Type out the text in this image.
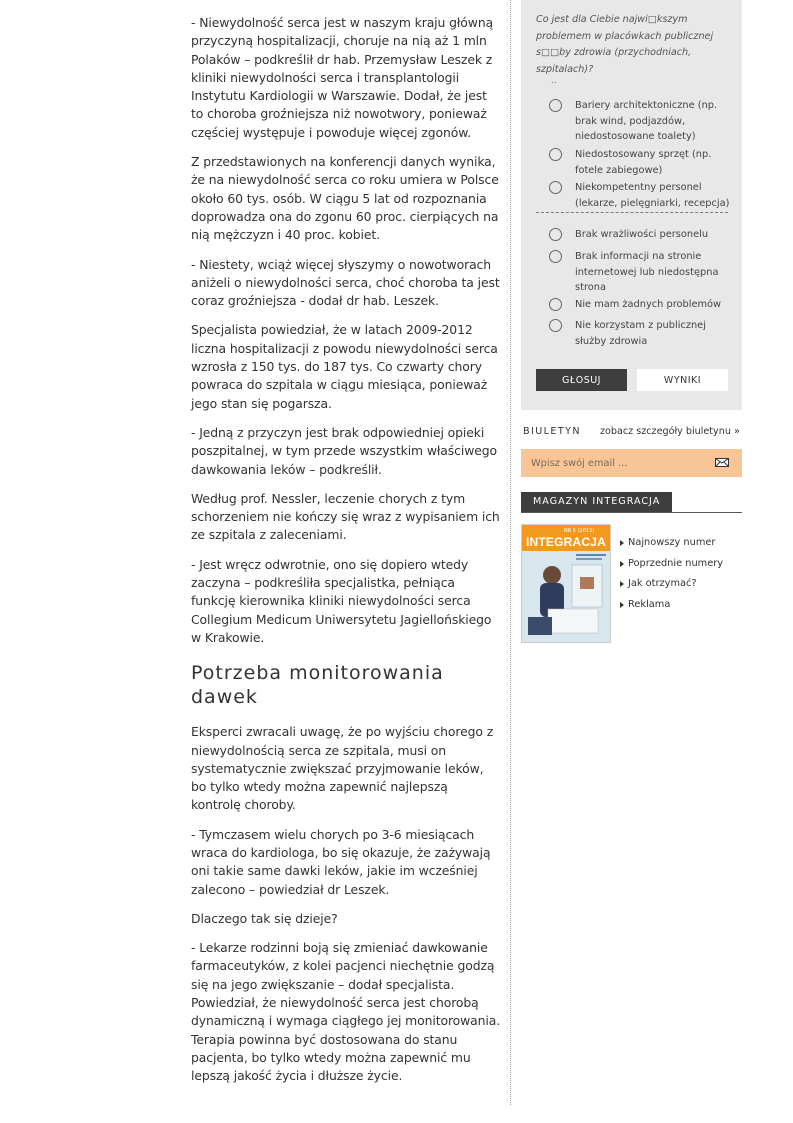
- Niewydolność serca jest w naszym kraju główną przyczyną hospitalizacji, choruje na nią aż 1 mln Polaków – podkreślił dr hab. Przemysław Leszek z kliniki niewydolności serca i transplantologii Instytutu Kardiologii w Warszawie. Dodał, że jest to choroba groźniejsza niż nowotwory, ponieważ częściej występuje i powoduje więcej zgonów.

Z przedstawionych na konferencji danych wynika, że na niewydolność serca co roku umiera w Polsce około 60 tys. osób. W ciągu 5 lat od rozpoznania doprowadza ona do zgonu 60 proc. cierpiących na nią mężczyzn i 40 proc. kobiet.

- Niestety, wciąż więcej słyszymy o nowotworach aniżeli o niewydolności serca, choć choroba ta jest coraz groźniejsza - dodał dr hab. Leszek.

Specjalista powiedział, że w latach 2009-2012 liczna hospitalizacji z powodu niewydolności serca wzrosła z 150 tys. do 187 tys. Co czwarty chory powraca do szpitala w ciągu miesiąca, ponieważ jego stan się pogarsza.

- Jedną z przyczyn jest brak odpowiedniej opieki poszpitalnej, w tym przede wszystkim właściwego dawkowania leków – podkreślił.

Według prof. Nessler, leczenie chorych z tym schorzeniem nie kończy się wraz z wypisaniem ich ze szpitala z zaleceniami.

- Jest wręcz odwrotnie, ono się dopiero wtedy zaczyna – podkreśliła specjalistka, pełniąca funkcję kierownika kliniki niewydolności serca Collegium Medicum Uniwersytetu Jagiellońskiego w Krakowie.

Potrzeba monitorowania dawek

Eksperci zwracali uwagę, że po wyjściu chorego z niewydolnością serca ze szpitala, musi on systematycznie zwiększać przyjmowanie leków, bo tylko wtedy można zapewnić najlepszą kontrolę choroby.

- Tymczasem wielu chorych po 3-6 miesiącach wraca do kardiologa, bo się okazuje, że zażywają oni takie same dawki leków, jakie im wcześniej zalecono – powiedział dr Leszek.

Dlaczego tak się dzieje?

- Lekarze rodzinni boją się zmieniać dawkowanie farmaceutyków, z kolei pacjenci niechętnie godzą się na jego zwiększanie – dodał specjalista. Powiedział, że niewydolność serca jest chorobą dynamiczną i wymaga ciągłego jej monitorowania. Terapia powinna być dostosowana do stanu pacjenta, bo tylko wtedy można zapewnić mu lepszą jakość życia i dłuższe życie.

Co jest dla Ciebie najwi□kszym problemem w placówkach publicznej s□□by zdrowia (przychodniach, szpitalach)?
..
Bariery architektoniczne (np. brak wind, podjazdów, niedostosowane toalety)
Niedostosowany sprzęt (np. fotele zabiegowe)
Niekompetentny personel (lekarze, pielęgniarki, recepcja)
Brak wrażliwości personelu
Brak informacji na stronie internetowej lub niedostępna strona
Nie mam żadnych problemów
Nie korzystam z publicznej służby zdrowia
GŁOSUJ	WYNIKI
BIULETYN zobacz szczegóły biuletynu »
Wpisz swój email ...
MAGAZYN INTEGRACJA
NR 5 (2013)
INTEGRACJA	Najnowszy numer
Poprzednie numery
Jak otrzymać?
Reklama
